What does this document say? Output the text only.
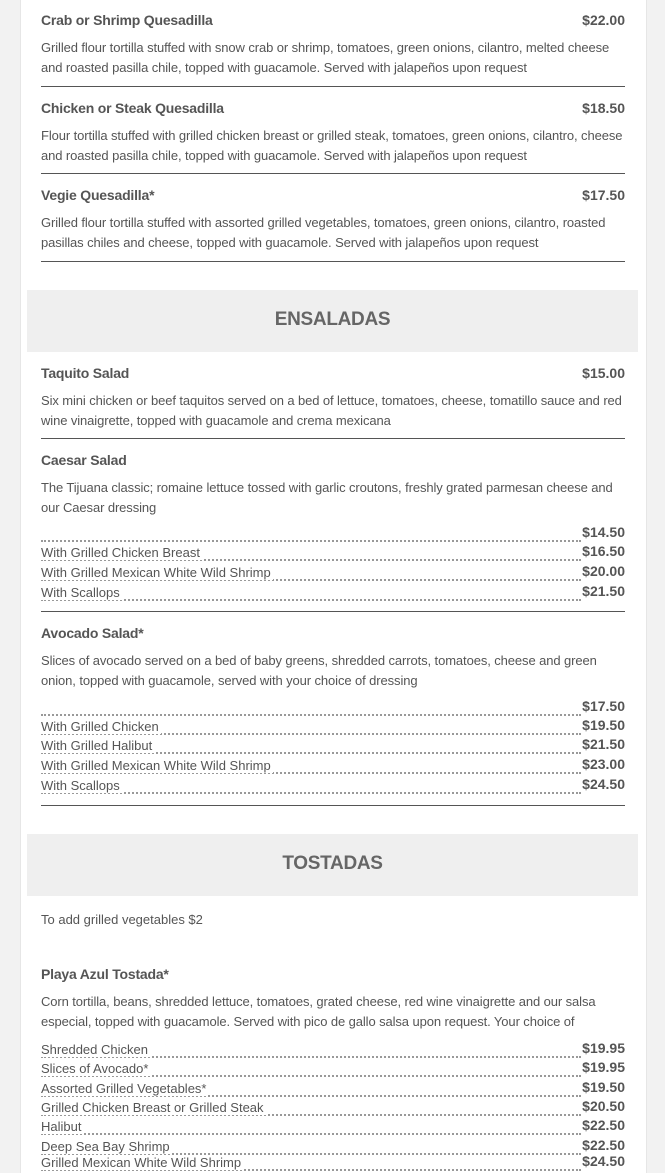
Crab or Shrimp Quesadilla	$22.00
Grilled flour tortilla stuffed with snow crab or shrimp, tomatoes, green onions, cilantro, melted cheese and roasted pasilla chile, topped with guacamole. Served with jalapeños upon request
Chicken or Steak Quesadilla	$18.50
Flour tortilla stuffed with grilled chicken breast or grilled steak, tomatoes, green onions, cilantro, cheese and roasted pasilla chile, topped with guacamole. Served with jalapeños upon request
Vegie Quesadilla*	$17.50
Grilled flour tortilla stuffed with assorted grilled vegetables, tomatoes, green onions, cilantro, roasted pasillas chiles and cheese, topped with guacamole. Served with jalapeños upon request
ENSALADAS
Taquito Salad	$15.00
Six mini chicken or beef taquitos served on a bed of lettuce, tomatoes, cheese, tomatillo sauce and red wine vinaigrette, topped with guacamole and crema mexicana
Caesar Salad
The Tijuana classic; romaine lettuce tossed with garlic croutons, freshly grated parmesan cheese and our Caesar dressing
$14.50
With Grilled Chicken Breast	$16.50
With Grilled Mexican White Wild Shrimp	$20.00
With Scallops	$21.50
Avocado Salad*
Slices of avocado served on a bed of baby greens, shredded carrots, tomatoes, cheese and green onion, topped with guacamole, served with your choice of dressing
$17.50
With Grilled Chicken	$19.50
With Grilled Halibut	$21.50
With Grilled Mexican White Wild Shrimp	$23.00
With Scallops	$24.50
TOSTADAS
To add grilled vegetables $2
Playa Azul Tostada*
Corn tortilla, beans, shredded lettuce, tomatoes, grated cheese, red wine vinaigrette and our salsa especial, topped with guacamole. Served with pico de gallo salsa upon request. Your choice of
Shredded Chicken	$19.95
Slices of Avocado*	$19.95
Assorted Grilled Vegetables*	$19.50
Grilled Chicken Breast or Grilled Steak	$20.50
Halibut	$22.50
Deep Sea Bay Shrimp	$22.50
Grilled Mexican White Wild Shrimp	$24.50
